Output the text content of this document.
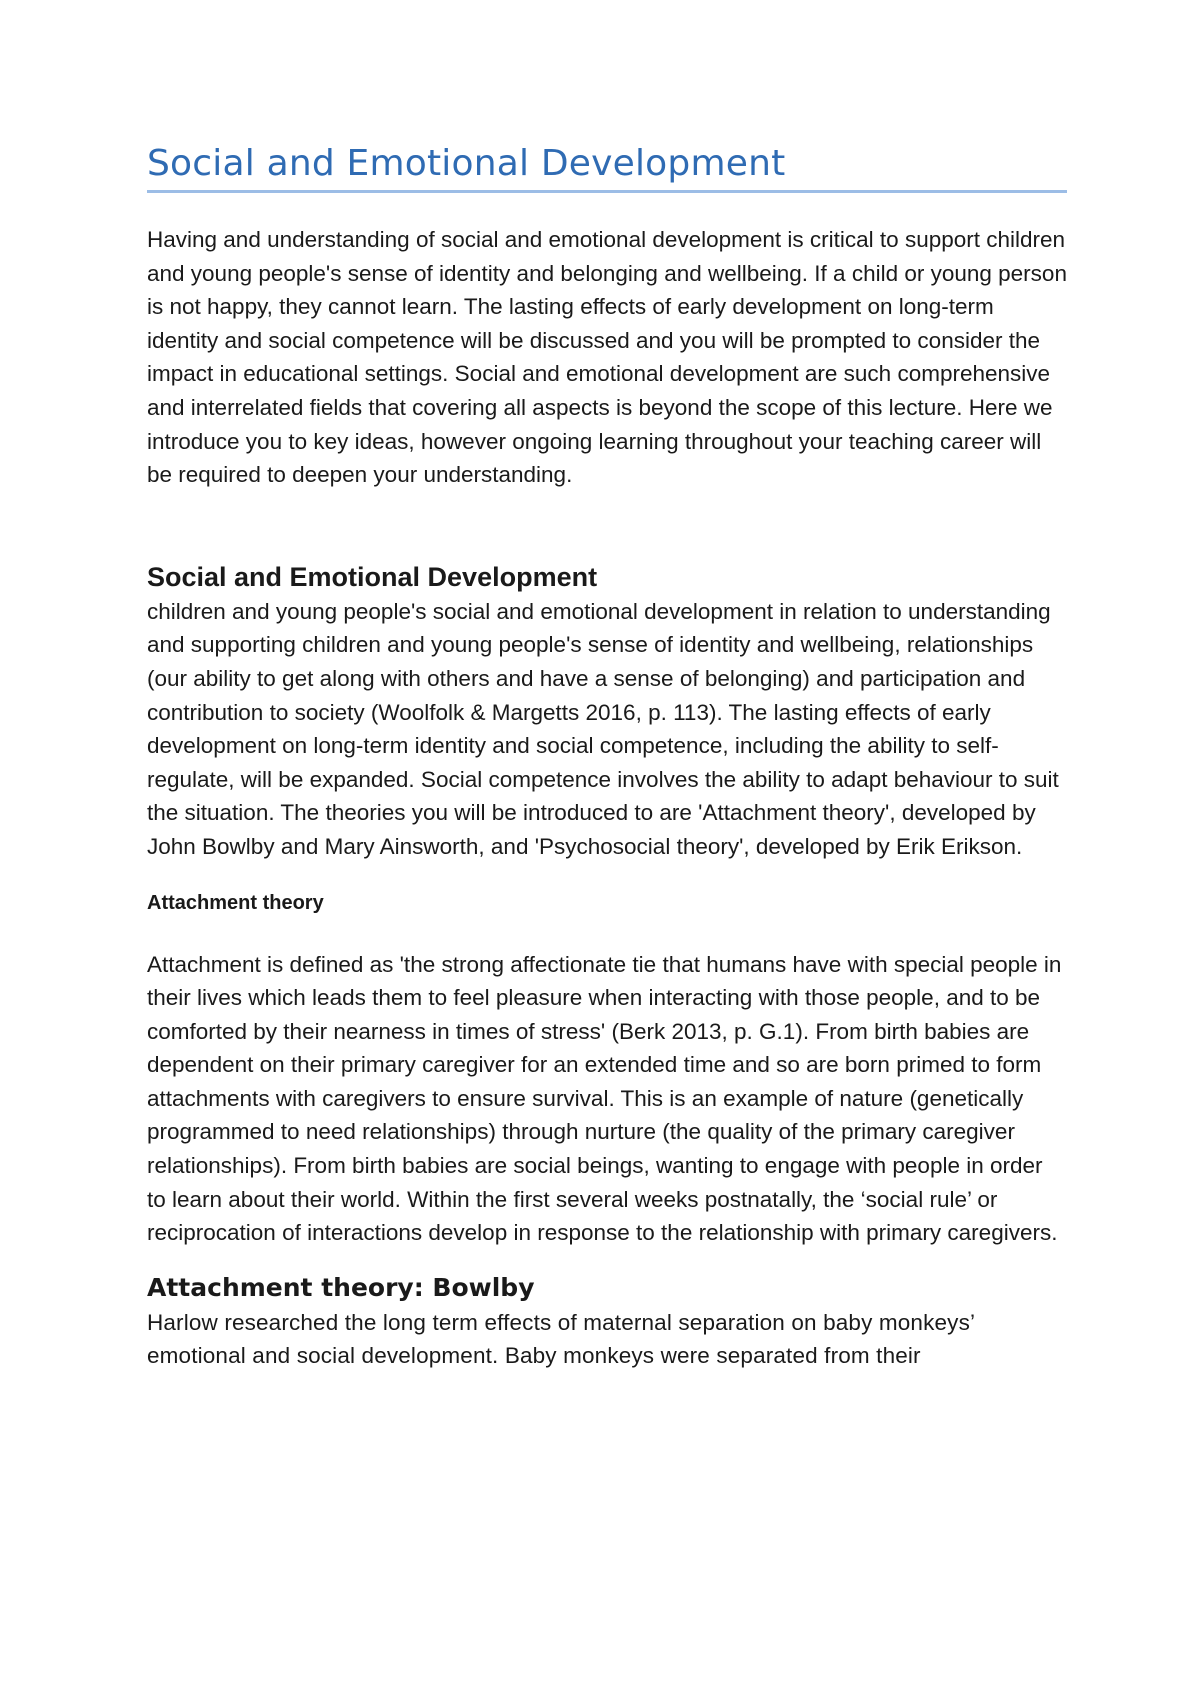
Social and Emotional Development

Having and understanding of social and emotional development is critical to support children and young people's sense of identity and belonging and wellbeing. If a child or young person is not happy, they cannot learn. The lasting effects of early development on long-term identity and social competence will be discussed and you will be prompted to consider the impact in educational settings. Social and emotional development are such comprehensive and interrelated fields that covering all aspects is beyond the scope of this lecture. Here we introduce you to key ideas, however ongoing learning throughout your teaching career will be required to deepen your understanding.

Social and Emotional Development

children and young people's social and emotional development in relation to understanding and supporting children and young people's sense of identity and wellbeing, relationships (our ability to get along with others and have a sense of belonging) and participation and contribution to society (Woolfolk & Margetts 2016, p. 113). The lasting effects of early development on long-term identity and social competence, including the ability to self-regulate, will be expanded. Social competence involves the ability to adapt behaviour to suit the situation. The theories you will be introduced to are 'Attachment theory', developed by John Bowlby and Mary Ainsworth, and 'Psychosocial theory', developed by Erik Erikson.

Attachment theory

Attachment is defined as 'the strong affectionate tie that humans have with special people in their lives which leads them to feel pleasure when interacting with those people, and to be comforted by their nearness in times of stress' (Berk 2013, p. G.1). From birth babies are dependent on their primary caregiver for an extended time and so are born primed to form attachments with caregivers to ensure survival. This is an example of nature (genetically programmed to need relationships) through nurture (the quality of the primary caregiver relationships). From birth babies are social beings, wanting to engage with people in order to learn about their world. Within the first several weeks postnatally, the ‘social rule’ or reciprocation of interactions develop in response to the relationship with primary caregivers.

Attachment theory: Bowlby

Harlow researched the long term effects of maternal separation on baby monkeys’ emotional and social development. Baby monkeys were separated from their
